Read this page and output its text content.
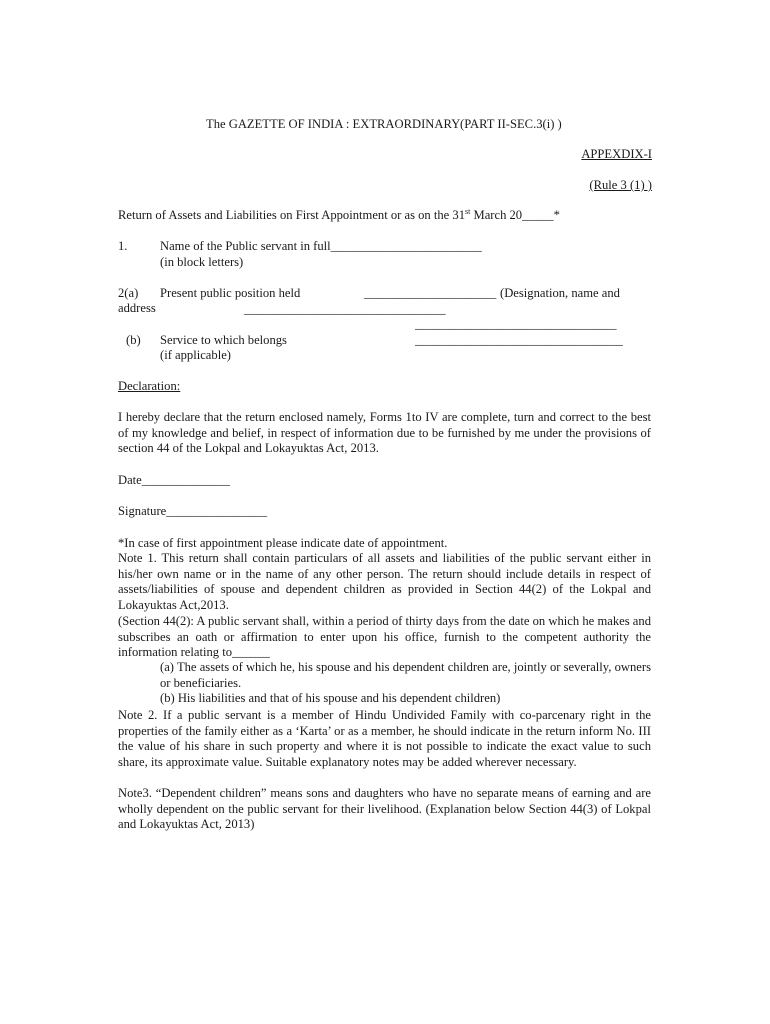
The GAZETTE OF INDIA : EXTRAORDINARY (PART II-SEC.3(i) )
APPEXDIX-I
(Rule 3 (1) )
Return of Assets and Liabilities on First Appointment or as on the 31st March 20_____*
1.	Name of the Public servant in full________________________
(in block letters)
2(a) Present public position held	_____________________ (Designation, name and
address	________________________________
________________________________
(b) Service to which belongs	_________________________________
(if applicable)
Declaration:
I hereby declare that the return enclosed namely, Forms 1to IV are complete, turn and correct to the best of my knowledge and belief, in respect of information due to be furnished by me under the provisions of section 44 of the Lokpal and Lokayuktas Act, 2013.
Date______________
Signature________________
*In case of first appointment please indicate date of appointment.
Note 1. This return shall contain particulars of all assets and liabilities of the public servant either in his/her own name or in the name of any other person. The return should include details in respect of assets/liabilities of spouse and dependent children as provided in Section 44(2) of the Lokpal and Lokayuktas Act,2013.
(Section 44(2): A public servant shall, within a period of thirty days from the date on which he makes and subscribes an oath or affirmation to enter upon his office, furnish to the competent authority the information relating to______
(a) The assets of which he, his spouse and his dependent children are, jointly or severally, owners or beneficiaries.
(b) His liabilities and that of his spouse and his dependent children)
Note 2. If a public servant is a member of Hindu Undivided Family with co-parcenary right in the properties of the family either as a ‘Karta’ or as a member, he should indicate in the return inform No. III the value of his share in such property and where it is not possible to indicate the exact value to such share, its approximate value. Suitable explanatory notes may be added wherever necessary.
Note3. “Dependent children” means sons and daughters who have no separate means of earning and are wholly dependent on the public servant for their livelihood. (Explanation below Section 44(3) of Lokpal and Lokayuktas Act, 2013)
